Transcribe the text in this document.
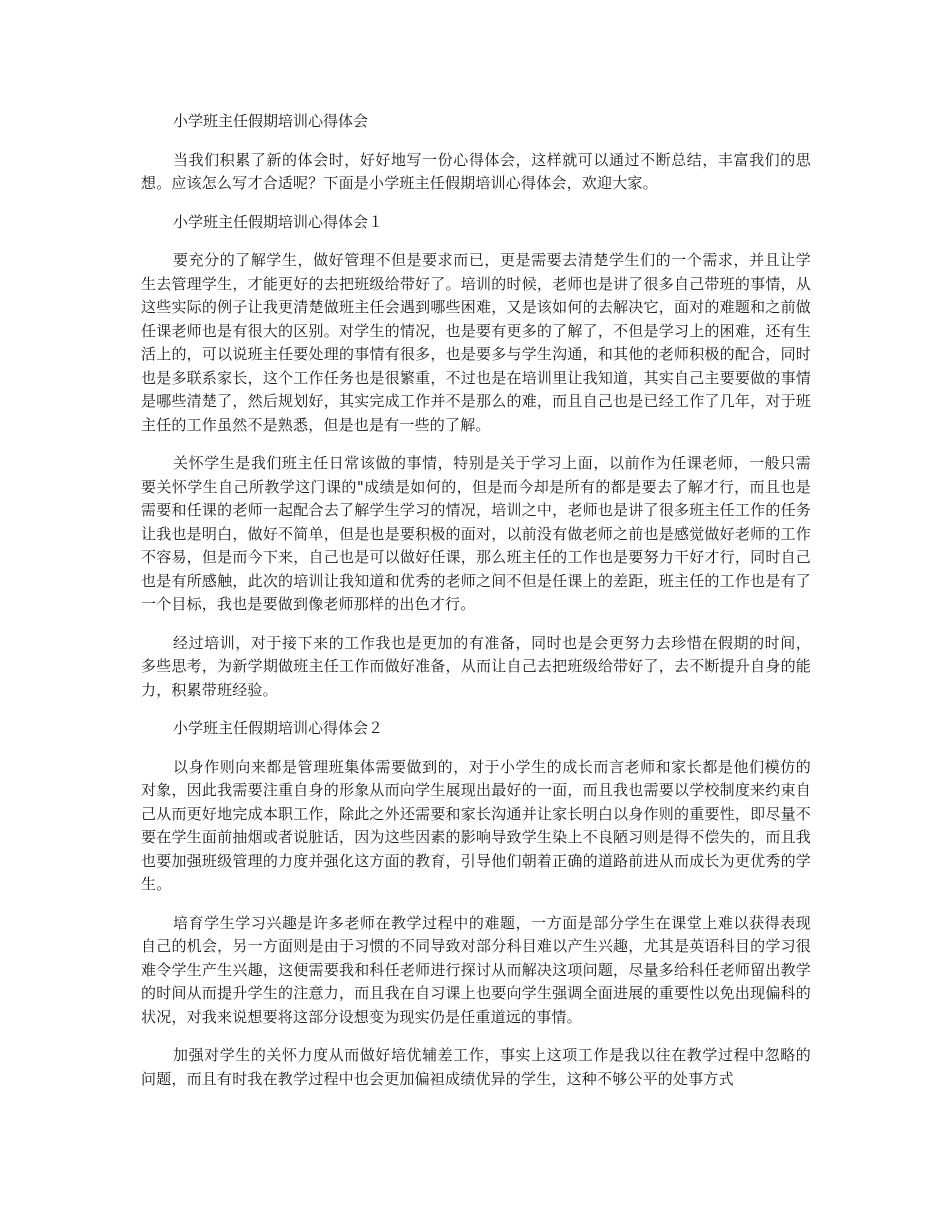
小学班主任假期培训心得体会

当我们积累了新的体会时，好好地写一份心得体会，这样就可以通过不断总结，丰富我们的思想。应该怎么写才合适呢？下面是小学班主任假期培训心得体会，欢迎大家。

小学班主任假期培训心得体会１

要充分的了解学生，做好管理不但是要求而已，更是需要去清楚学生们的一个需求，并且让学生去管理学生，才能更好的去把班级给带好了。培训的时候，老师也是讲了很多自己带班的事情，从这些实际的例子让我更清楚做班主任会遇到哪些困难，又是该如何的去解决它，面对的难题和之前做任课老师也是有很大的区别。对学生的情况，也是要有更多的了解了，不但是学习上的困难，还有生活上的，可以说班主任要处理的事情有很多，也是要多与学生沟通，和其他的老师积极的配合，同时也是多联系家长，这个工作任务也是很繁重，不过也是在培训里让我知道，其实自己主要要做的事情是哪些清楚了，然后规划好，其实完成工作并不是那么的难，而且自己也是已经工作了几年，对于班主任的工作虽然不是熟悉，但是也是有一些的了解。

关怀学生是我们班主任日常该做的事情，特别是关于学习上面，以前作为任课老师，一般只需要关怀学生自己所教学这门课的"成绩是如何的，但是而今却是所有的都是要去了解才行，而且也是需要和任课的老师一起配合去了解学生学习的情况，培训之中，老师也是讲了很多班主任工作的任务让我也是明白，做好不简单，但是也是要积极的面对，以前没有做老师之前也是感觉做好老师的工作不容易，但是而今下来，自己也是可以做好任课，那么班主任的工作也是要努力干好才行，同时自己也是有所感触，此次的培训让我知道和优秀的老师之间不但是任课上的差距，班主任的工作也是有了一个目标，我也是要做到像老师那样的出色才行。

经过培训，对于接下来的工作我也是更加的有准备，同时也是会更努力去珍惜在假期的时间，多些思考，为新学期做班主任工作而做好准备，从而让自己去把班级给带好了，去不断提升自身的能力，积累带班经验。

小学班主任假期培训心得体会２

以身作则向来都是管理班集体需要做到的，对于小学生的成长而言老师和家长都是他们模仿的对象，因此我需要注重自身的形象从而向学生展现出最好的一面，而且我也需要以学校制度来约束自己从而更好地完成本职工作，除此之外还需要和家长沟通并让家长明白以身作则的重要性，即尽量不要在学生面前抽烟或者说脏话，因为这些因素的影响导致学生染上不良陋习则是得不偿失的，而且我也要加强班级管理的力度并强化这方面的教育，引导他们朝着正确的道路前进从而成长为更优秀的学生。

培育学生学习兴趣是许多老师在教学过程中的难题，一方面是部分学生在课堂上难以获得表现自己的机会，另一方面则是由于习惯的不同导致对部分科目难以产生兴趣，尤其是英语科目的学习很难令学生产生兴趣，这便需要我和科任老师进行探讨从而解决这项问题，尽量多给科任老师留出教学的时间从而提升学生的注意力，而且我在自习课上也要向学生强调全面进展的重要性以免出现偏科的状况，对我来说想要将这部分设想变为现实仍是任重道远的事情。

加强对学生的关怀力度从而做好培优辅差工作，事实上这项工作是我以往在教学过程中忽略的问题，而且有时我在教学过程中也会更加偏袒成绩优异的学生，这种不够公平的处事方式
